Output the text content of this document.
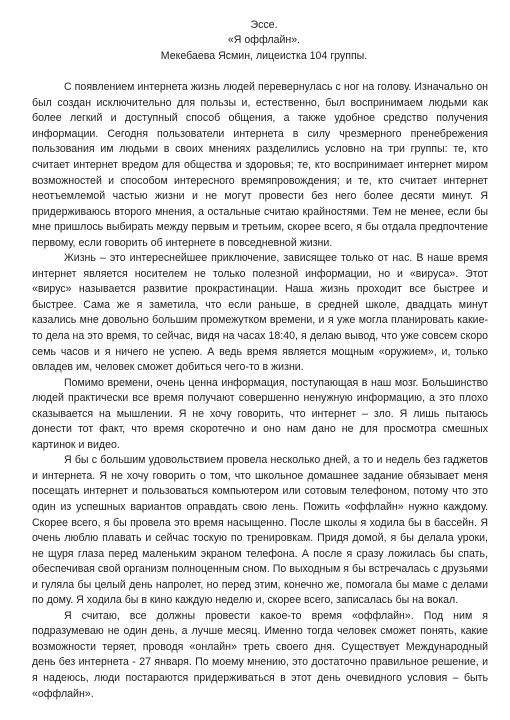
Эссе.
«Я оффлайн».
Мекебаева Ясмин, лицеистка 104 группы.

С появлением интернета жизнь людей перевернулась с ног на голову. Изначально он был создан исключительно для пользы и, естественно, был воспринимаем людьми как более легкий и доступный способ общения, а также удобное средство получения информации. Сегодня пользователи интернета в силу чрезмерного пренебрежения пользования им людьми в своих мнениях разделились условно на три группы: те, кто считает интернет вредом для общества и здоровья; те, кто воспринимает интернет миром возможностей и способом интересного времяпровождения; и те, кто считает интернет неотъемлемой частью жизни и не могут провести без него более десяти минут. Я придерживаюсь второго мнения, а остальные считаю крайностями. Тем не менее, если бы мне пришлось выбирать между первым и третьим, скорее всего, я бы отдала предпочтение первому, если говорить об интернете в повседневной жизни.

Жизнь – это интереснейшее приключение, зависящее только от нас. В наше время интернет является носителем не только полезной информации, но и «вируса». Этот «вирус» называется развитие прокрастинации. Наша жизнь проходит все быстрее и быстрее. Сама же я заметила, что если раньше, в средней школе, двадцать минут казались мне довольно большим промежутком времени, и я уже могла планировать какие-то дела на это время, то сейчас, видя на часах 18:40, я делаю вывод, что уже совсем скоро семь часов и я ничего не успею. А ведь время является мощным «оружием», и, только овладев им, человек сможет добиться чего-то в жизни.

Помимо времени, очень ценна информация, поступающая в наш мозг. Большинство людей практически все время получают совершенно ненужную информацию, а это плохо сказывается на мышлении. Я не хочу говорить, что интернет – зло. Я лишь пытаюсь донести тот факт, что время скоротечно и оно нам дано не для просмотра смешных картинок и видео.

Я бы с большим удовольствием провела несколько дней, а то и недель без гаджетов и интернета. Я не хочу говорить о том, что школьное домашнее задание обязывает меня посещать интернет и пользоваться компьютером или сотовым телефоном, потому что это один из успешных вариантов оправдать свою лень. Пожить «оффлайн» нужно каждому. Скорее всего, я бы провела это время насыщенно. После школы я ходила бы в бассейн. Я очень люблю плавать и сейчас тоскую по тренировкам. Придя домой, я бы делала уроки, не щуря глаза перед маленьким экраном телефона. А после я сразу ложилась бы спать, обеспечивая свой организм полноценным сном. По выходным я бы встречалась с друзьями и гуляла бы целый день напролет, но перед этим, конечно же, помогала бы маме с делами по дому. Я ходила бы в кино каждую неделю и, скорее всего, записалась бы на вокал.

Я считаю, все должны провести какое-то время «оффлайн». Под ним я подразумеваю не один день, а лучше месяц. Именно тогда человек сможет понять, какие возможности теряет, проводя «онлайн» треть своего дня. Существует Международный день без интернета - 27 января. По моему мнению, это достаточно правильное решение, и я надеюсь, люди постараются придерживаться в этот день очевидного условия – быть «оффлайн».
